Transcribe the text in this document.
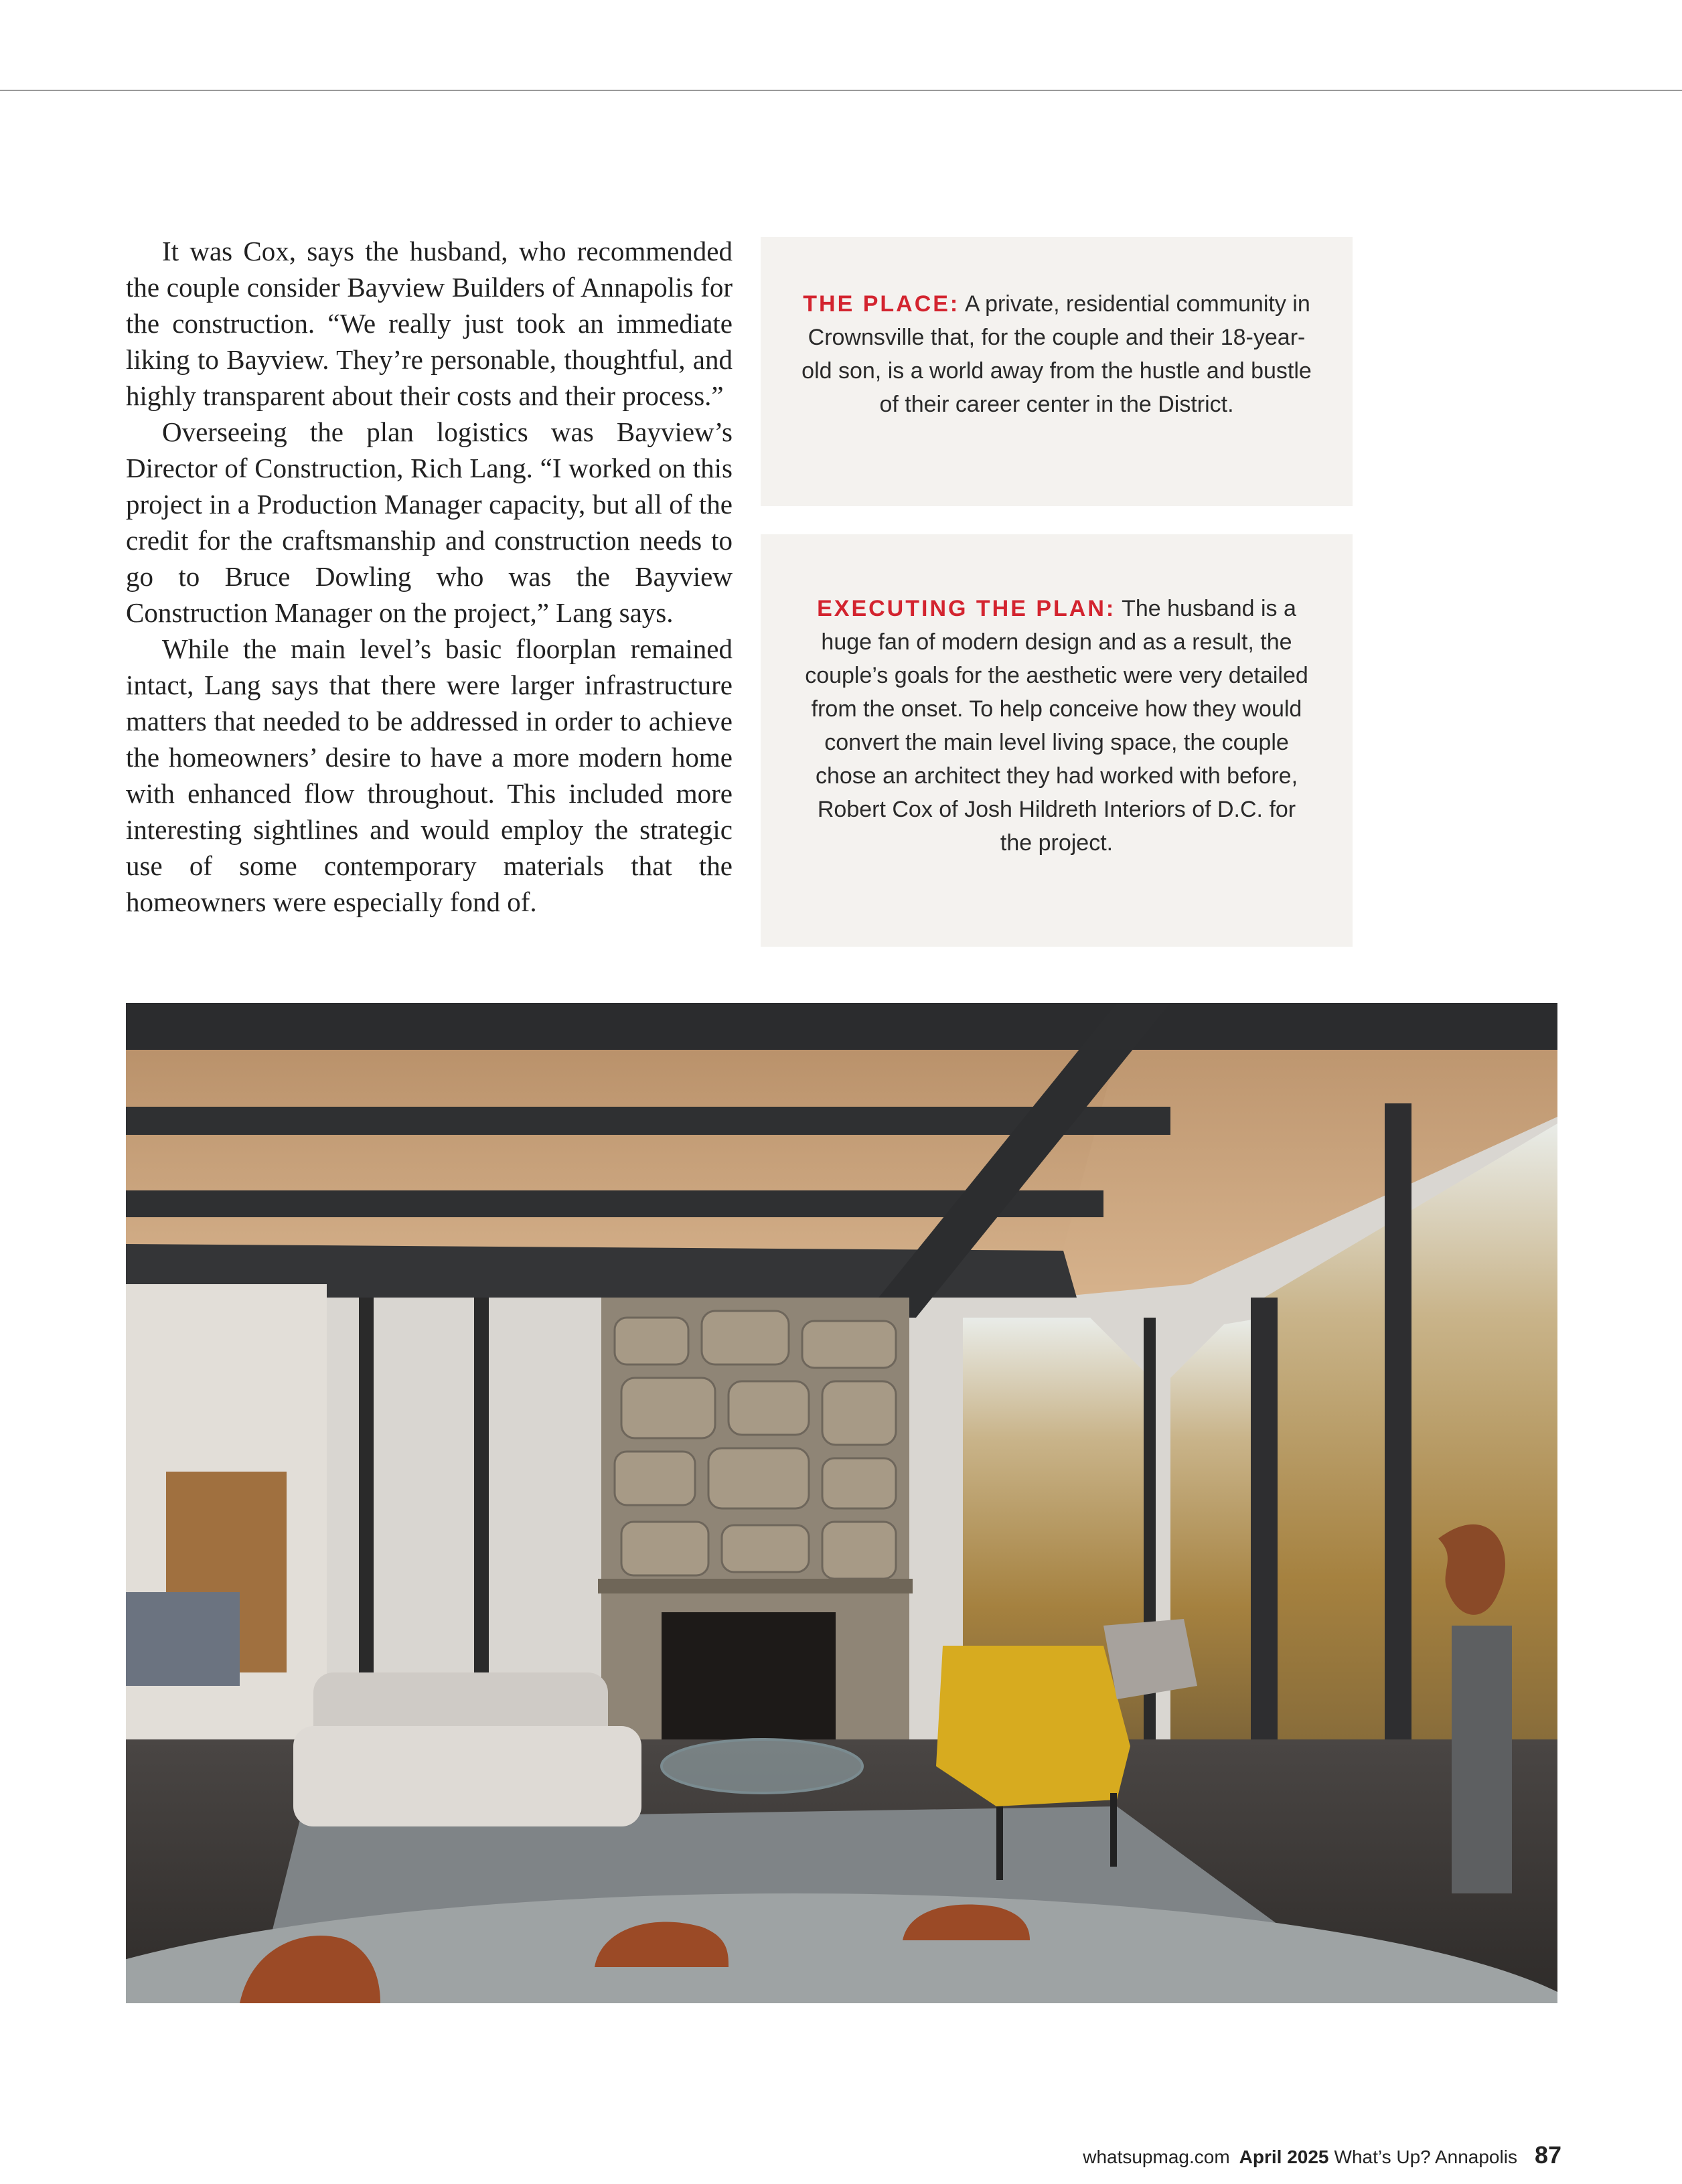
It was Cox, says the husband, who recommended the couple consider Bayview Builders of Annapolis for the construction. “We really just took an immediate liking to Bayview. They’re personable, thoughtful, and highly transparent about their costs and their process.”

Overseeing the plan logistics was Bayview’s Director of Construction, Rich Lang. “I worked on this project in a Production Manager capacity, but all of the credit for the craftsmanship and construction needs to go to Bruce Dowling who was the Bayview Construction Manager on the project,” Lang says.

While the main level’s basic floorplan remained intact, Lang says that there were larger infrastructure matters that needed to be addressed in order to achieve the homeowners’ desire to have a more modern home with enhanced flow throughout. This included more interesting sightlines and would employ the strategic use of some contemporary materials that the homeowners were especially fond of.

THE PLACE: A private, residential community in Crownsville that, for the couple and their 18-year-old son, is a world away from the hustle and bustle of their career center in the District.
EXECUTING THE PLAN: The husband is a huge fan of modern design and as a result, the couple’s goals for the aesthetic were very detailed from the onset. To help conceive how they would convert the main level living space, the couple chose an architect they had worked with before, Robert Cox of Josh Hildreth Interiors of D.C. for the project.
whatsupmag.com April 2025 What’s Up? Annapolis 87
